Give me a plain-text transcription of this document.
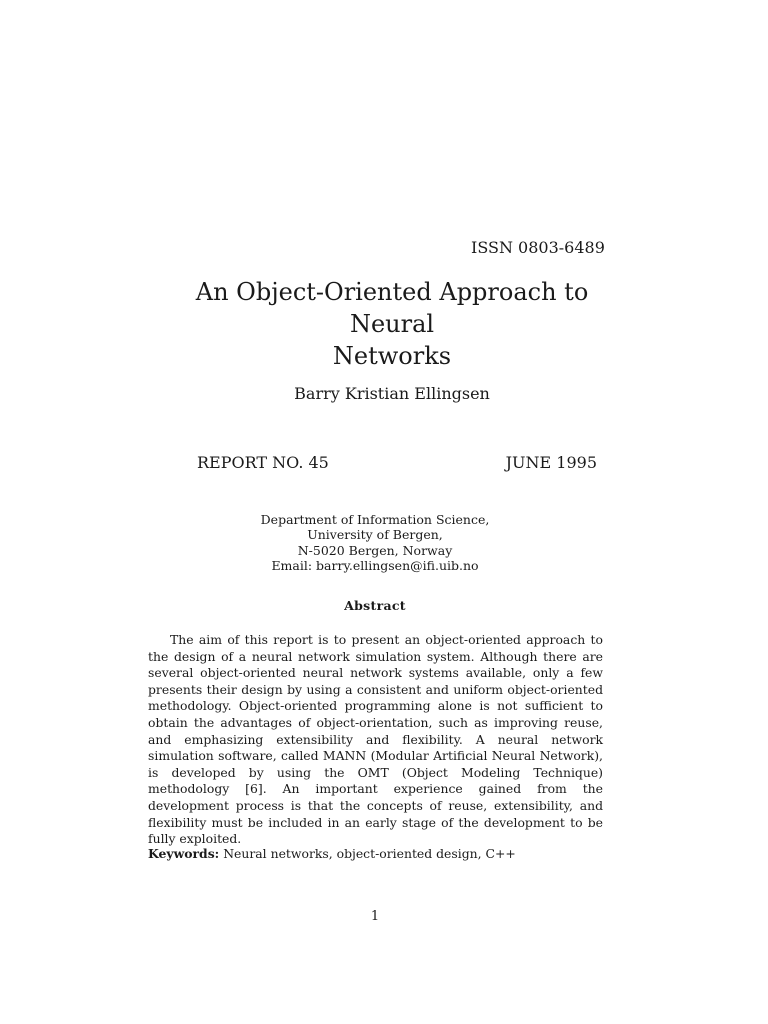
ISSN 0803-6489
An Object-Oriented Approach to Neural
Networks
Barry Kristian Ellingsen
REPORT NO. 45	JUNE 1995
Department of Information Science,
University of Bergen,
N-5020 Bergen, Norway
Email: barry.ellingsen@ifi.uib.no
Abstract
The aim of this report is to present an object-oriented approach to the design of a neural network simulation system. Although there are several object-oriented neural network systems available, only a few presents their design by using a consistent and uniform object-oriented methodology. Object-oriented programming alone is not sufficient to obtain the advantages of object-orientation, such as improving reuse, and emphasizing extensibility and flexibility. A neural network simulation software, called MANN (Modular Artificial Neural Network), is developed by using the OMT (Object Modeling Technique) methodology [6]. An important experience gained from the development process is that the concepts of reuse, extensibility, and flexibility must be included in an early stage of the development to be fully exploited.
Keywords: Neural networks, object-oriented design, C++
1
